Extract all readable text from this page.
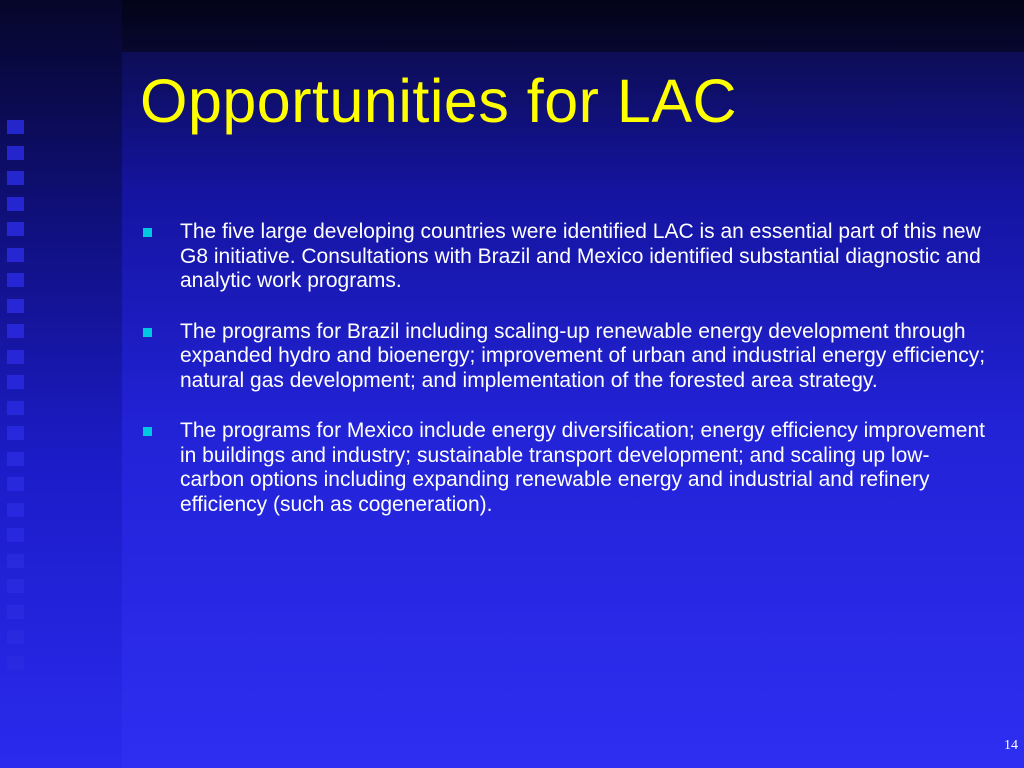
Opportunities for LAC
The five large developing countries were identified LAC is an essential part of this new G8 initiative. Consultations with Brazil and Mexico identified substantial diagnostic and analytic work programs.
The programs for Brazil including scaling-up renewable energy development through expanded hydro and bioenergy; improvement of urban and industrial energy efficiency; natural gas development; and implementation of the forested area strategy.
The programs for Mexico include energy diversification; energy efficiency improvement in buildings and industry; sustainable transport development; and scaling up low-carbon options including expanding renewable energy and industrial and refinery efficiency (such as cogeneration).
14
